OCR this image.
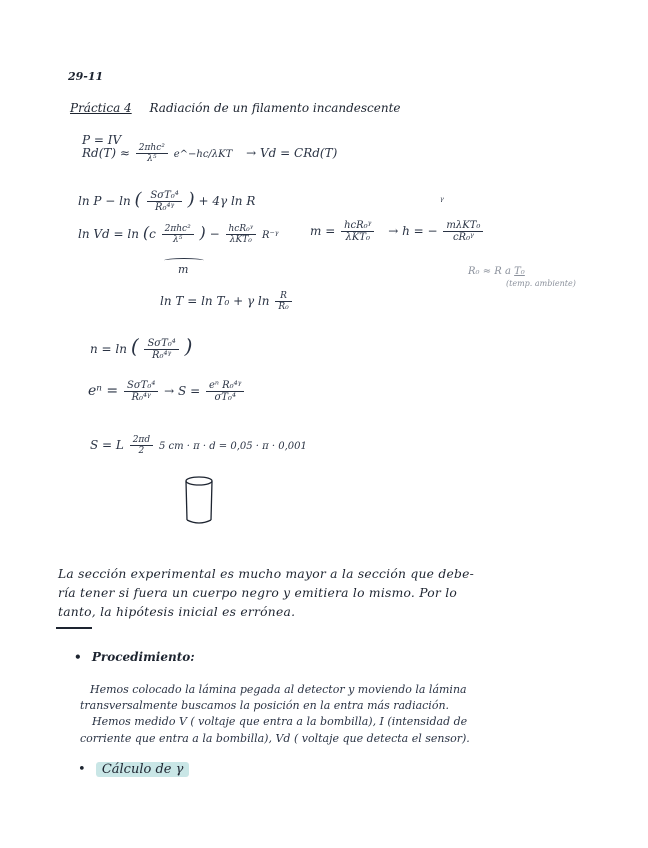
29-11
Práctica 4 Radiación de un filamento incandescente
P = IV
$Rd(T) \approx \frac{\text{2πhc²}}{\text{λ⁵}}$ e^−hc/λKT → Vd = CRd(T)
ln P − ln ( $\frac{\text{SσT₀⁴}}{\text{R₀⁴ᵞ}}$ ) + 4γ ln R
$\ln Vd = \ln (c \frac{\text{2πhc²}}{\text{λ⁵}}$ ) − $\frac{\text{hcR₀ᵞ}}{\text{λKT₀}}$ R⁻ᵞ
m
$m = \frac{\text{hcR₀ᵞ}}{\text{λKT₀}} \to h$ = − $\frac{\text{mλKT₀}}{\text{cR₀ᵞ}}$
ᵞ
R₀ ≈ R a T₀
(temp. ambiente)
ln T = ln T₀ + γ $\ln \frac{R}{\text{R₀}}$
n = ln ( $\frac{\text{SσT₀⁴}}{\text{R₀⁴ᵞ}}$ )
$e^n = \frac{\text{SσT₀⁴}}{\text{R₀⁴ᵞ}} \to S = \frac{\text{eⁿ R₀⁴ᵞ}}{\text{σT₀⁴}}$
S = L $\frac{2\pi d}{2} 5$ cm · π · d = 0,05 · π · 0,001
La sección experimental es mucho mayor a la sección que debe-
ría tener si fuera un cuerpo negro y emitiera lo mismo. Por lo
tanto, la hipótesis inicial es errónea.
• Procedimiento:
Hemos colocado la lámina pegada al detector y moviendo la lámina
transversalmente buscamos la posición en la entra más radiación.
Hemos medido V ( voltaje que entra a la bombilla), I (intensidad de
corriente que entra a la bombilla), Vd ( voltaje que detecta el sensor).
• Cálculo de γ
